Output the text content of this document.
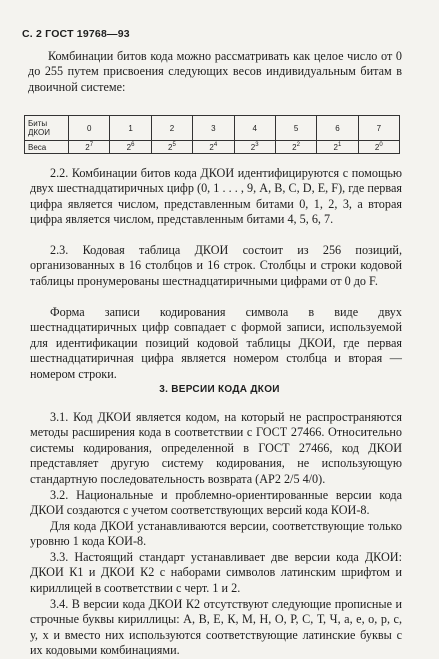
С. 2 ГОСТ 19768—93

Комбинации битов кода можно рассматривать как целое число от 0 до 255 путем присвоения следующих весов индивидуальным битам в двоичной системе:

Биты ДКОИ	0	1	2	3	4	5	6	7
Веса	$2^7$	$2^6$	$2^5$	$2^4$	$2^3$	$2^2$	$2^1$	$2^0$

2.2. Комбинации битов кода ДКОИ идентифицируются с помощью двух шестнадцатиричных цифр (0, 1 . . . , 9, A, B, C, D, E, F), где первая цифра является числом, представленным битами 0, 1, 2, 3, а вторая цифра является числом, представленным битами 4, 5, 6, 7.

2.3. Кодовая таблица ДКОИ состоит из 256 позиций, организованных в 16 столбцов и 16 строк. Столбцы и строки кодовой таблицы пронумерованы шестнадцатиричными цифрами от 0 до F.

Форма записи кодирования символа в виде двух шестнадцатиричных цифр совпадает с формой записи, используемой для идентификации позиций кодовой таблицы ДКОИ, где первая шестнадцатиричная цифра является номером столбца и вторая — номером строки.

3. ВЕРСИИ КОДА ДКОИ

3.1. Код ДКОИ является кодом, на который не распространяются методы расширения кода в соответствии с ГОСТ 27466. Относительно системы кодирования, определенной в ГОСТ 27466, код ДКОИ представляет другую систему кодирования, не использующую стандартную последовательность возврата (АР2 2/5 4/0).

3.2. Национальные и проблемно-ориентированные версии кода ДКОИ создаются с учетом соответствующих версий кода КОИ-8.

Для кода ДКОИ устанавливаются версии, соответствующие только уровню 1 кода КОИ-8.

3.3. Настоящий стандарт устанавливает две версии кода ДКОИ: ДКОИ К1 и ДКОИ К2 с наборами символов латинским шрифтом и кириллицей в соответствии с черт. 1 и 2.

3.4. В версии кода ДКОИ К2 отсутствуют следующие прописные и строчные буквы кириллицы: А, В, Е, К, М, Н, О, Р, С, Т, Ч, а, е, о, р, с, у, х и вместо них используются соответствующие латинские буквы с их кодовыми комбинациями.
